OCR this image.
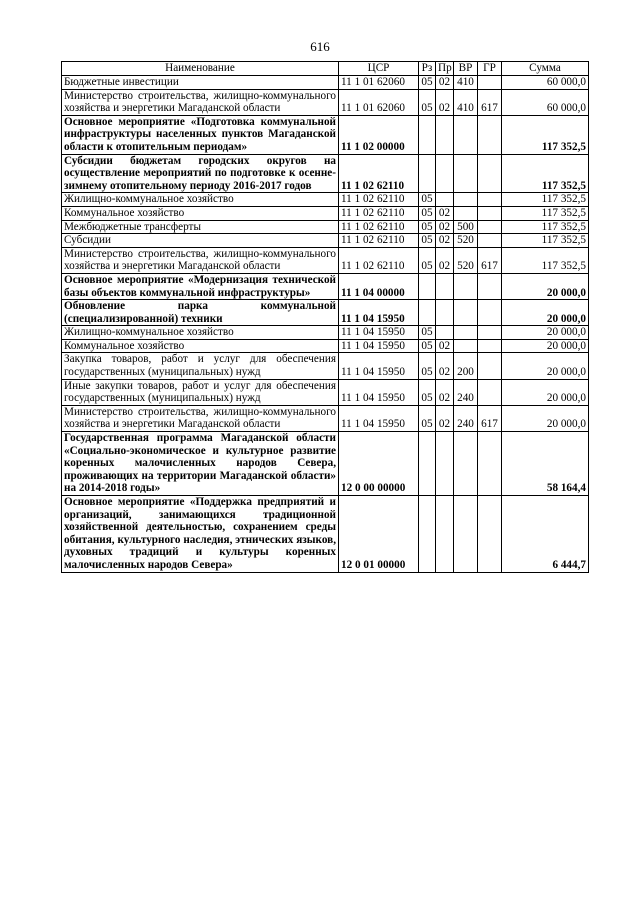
616
Наименование	ЦСР	Рз	Пр	ВР	ГР	Сумма
Бюджетные инвестиции	11 1 01 62060	05	02	410		60 000,0
Министерство строительства, жилищно-коммунального хозяйства и энергетики Магаданской области	11 1 01 62060	05	02	410	617	60 000,0
Основное мероприятие «Подготовка коммунальной инфраструктуры населенных пунктов Магаданской области к отопительным периодам»	11 1 02 00000					117 352,5
Субсидии бюджетам городских округов на осуществление мероприятий по подготовке к осенне-зимнему отопительному периоду 2016-2017 годов	11 1 02 62110					117 352,5
Жилищно-коммунальное хозяйство	11 1 02 62110	05				117 352,5
Коммунальное хозяйство	11 1 02 62110	05	02			117 352,5
Межбюджетные трансферты	11 1 02 62110	05	02	500		117 352,5
Субсидии	11 1 02 62110	05	02	520		117 352,5
Министерство строительства, жилищно-коммунального хозяйства и энергетики Магаданской области	11 1 02 62110	05	02	520	617	117 352,5
Основное мероприятие «Модернизация технической базы объектов коммунальной инфраструктуры»	11 1 04 00000					20 000,0
Обновление парка коммунальной (специализированной) техники	11 1 04 15950					20 000,0
Жилищно-коммунальное хозяйство	11 1 04 15950	05				20 000,0
Коммунальное хозяйство	11 1 04 15950	05	02			20 000,0
Закупка товаров, работ и услуг для обеспечения государственных (муниципальных) нужд	11 1 04 15950	05	02	200		20 000,0
Иные закупки товаров, работ и услуг для обеспечения государственных (муниципальных) нужд	11 1 04 15950	05	02	240		20 000,0
Министерство строительства, жилищно-коммунального хозяйства и энергетики Магаданской области	11 1 04 15950	05	02	240	617	20 000,0
Государственная программа Магаданской области «Социально-экономическое и культурное развитие коренных малочисленных народов Севера, проживающих на территории Магаданской области» на 2014-2018 годы»	12 0 00 00000					58 164,4
Основное мероприятие «Поддержка предприятий и организаций, занимающихся традиционной хозяйственной деятельностью, сохранением среды обитания, культурного наследия, этнических языков, духовных традиций и культуры коренных малочисленных народов Севера»	12 0 01 00000					6 444,7
